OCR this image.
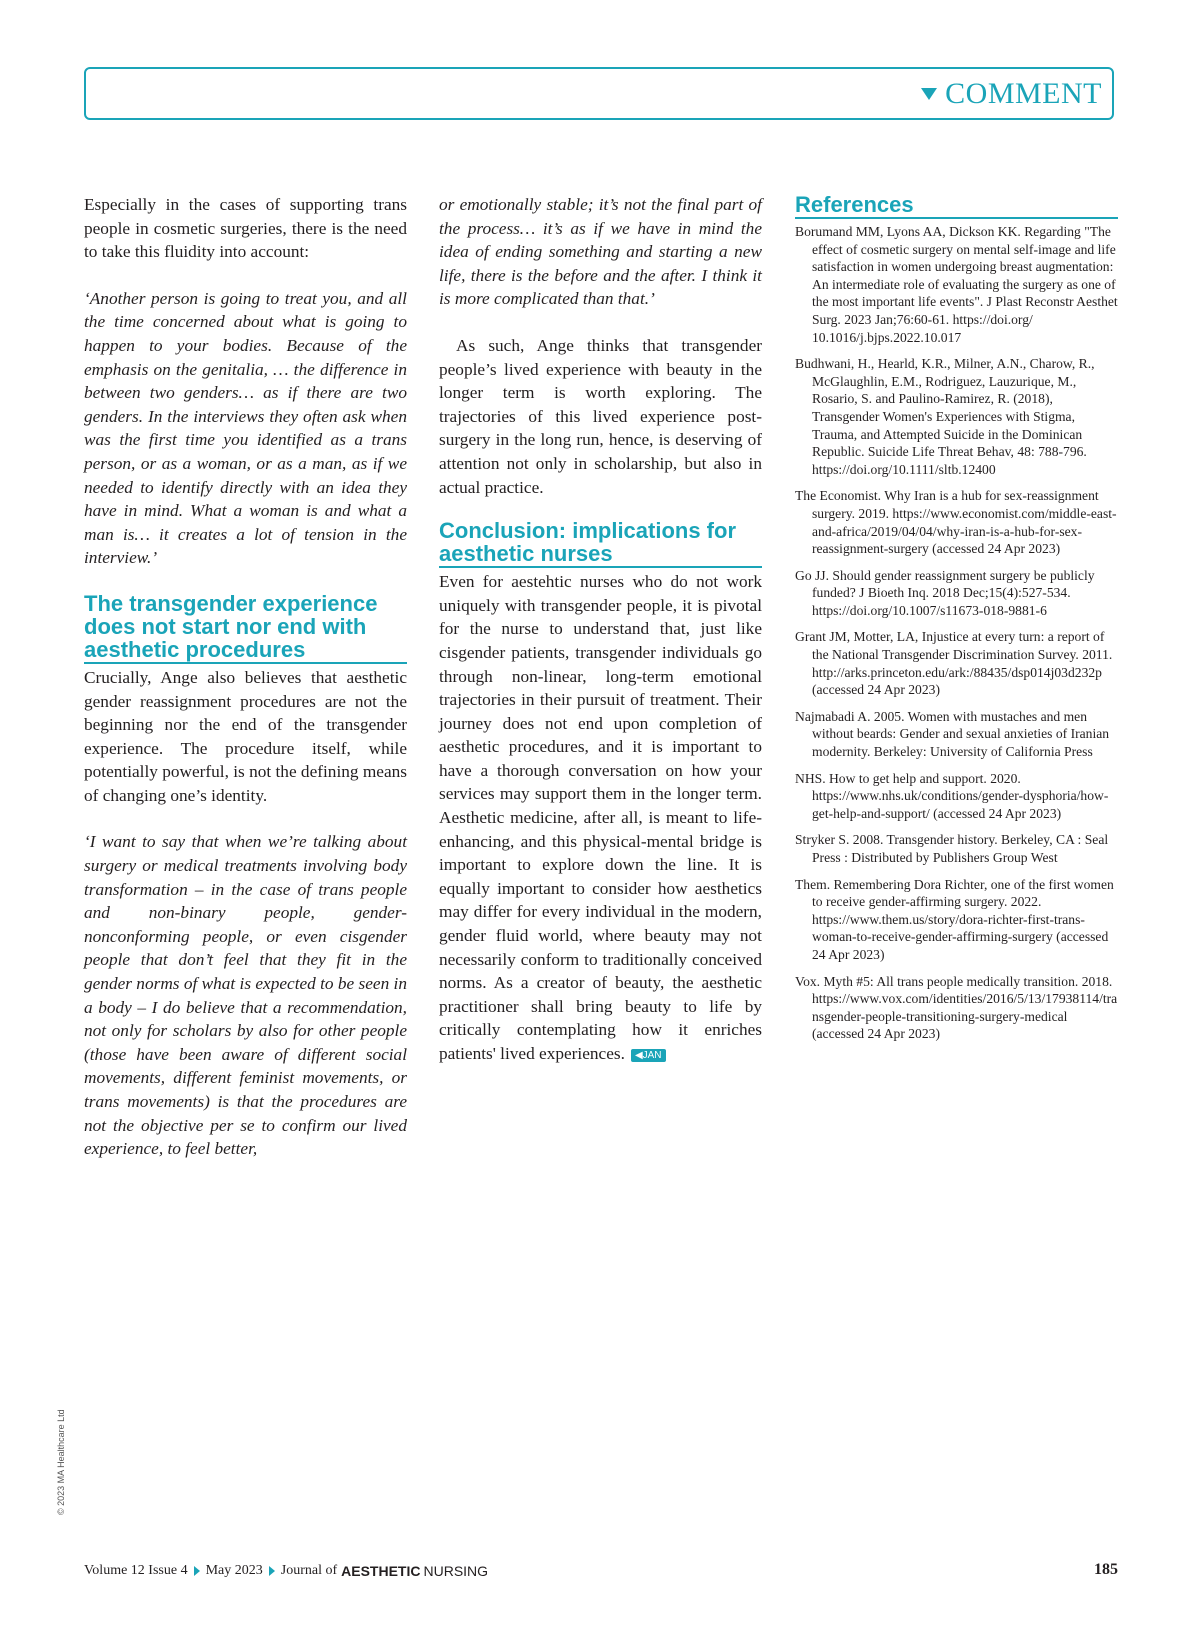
COMMENT

Especially in the cases of supporting trans people in cosmetic surgeries, there is the need to take this fluidity into account:

‘Another person is going to treat you, and all the time concerned about what is going to happen to your bodies. Because of the emphasis on the genitalia, … the difference in between two genders… as if there are two genders. In the interviews they often ask when was the first time you identified as a trans person, or as a woman, or as a man, as if we needed to identify directly with an idea they have in mind. What a woman is and what a man is… it creates a lot of tension in the interview.’

The transgender experience does not start nor end with aesthetic procedures

Crucially, Ange also believes that aesthetic gender reassignment procedures are not the beginning nor the end of the transgender experience. The procedure itself, while potentially powerful, is not the defining means of changing one’s identity.

‘I want to say that when we’re talking about surgery or medical treatments involving body transformation – in the case of trans people and non-binary people, gender-nonconforming people, or even cisgender people that don’t feel that they fit in the gender norms of what is expected to be seen in a body – I do believe that a recommendation, not only for scholars by also for other people (those have been aware of different social movements, different feminist movements, or trans movements) is that the procedures are not the objective per se to confirm our lived experience, to feel better,

or emotionally stable; it’s not the final part of the process… it’s as if we have in mind the idea of ending something and starting a new life, there is the before and the after. I think it is more complicated than that.’

As such, Ange thinks that transgender people’s lived experience with beauty in the longer term is worth exploring. The trajectories of this lived experience post-surgery in the long run, hence, is deserving of attention not only in scholarship, but also in actual practice.

Conclusion: implications for aesthetic nurses

Even for aestehtic nurses who do not work uniquely with transgender people, it is pivotal for the nurse to understand that, just like cisgender patients, transgender individuals go through non-linear, long-term emotional trajectories in their pursuit of treatment. Their journey does not end upon completion of aesthetic procedures, and it is important to have a thorough conversation on how your services may support them in the longer term. Aesthetic medicine, after all, is meant to life-enhancing, and this physical-mental bridge is important to explore down the line. It is equally important to consider how aesthetics may differ for every individual in the modern, gender fluid world, where beauty may not necessarily conform to traditionally conceived norms. As a creator of beauty, the aesthetic practitioner shall bring beauty to life by critically contemplating how it enriches patients' lived experiences. ◀JAN

References
Borumand MM, Lyons AA, Dickson KK. Regarding "The effect of cosmetic surgery on mental self-image and life satisfaction in women undergoing breast augmentation: An intermediate role of evaluating the surgery as one of the most important life events". J Plast Reconstr Aesthet Surg. 2023 Jan;76:60-61. https://doi.org/ 10.1016/j.bjps.2022.10.017
Budhwani, H., Hearld, K.R., Milner, A.N., Charow, R., McGlaughlin, E.M., Rodriguez, Lauzurique, M., Rosario, S. and Paulino-Ramirez, R. (2018), Transgender Women's Experiences with Stigma, Trauma, and Attempted Suicide in the Dominican Republic. Suicide Life Threat Behav, 48: 788-796. https://doi.org/10.1111/sltb.12400
The Economist. Why Iran is a hub for sex-reassignment surgery. 2019. https://www.economist.com/middle-east-and-africa/2019/04/04/why-iran-is-a-hub-for-sex-reassignment-surgery (accessed 24 Apr 2023)
Go JJ. Should gender reassignment surgery be publicly funded? J Bioeth Inq. 2018 Dec;15(4):527-534. https://doi.org/10.1007/s11673-018-9881-6
Grant JM, Motter, LA, Injustice at every turn: a report of the National Transgender Discrimination Survey. 2011. http://arks.princeton.edu/ark:/88435/dsp014j03d232p (accessed 24 Apr 2023)
Najmabadi A. 2005. Women with mustaches and men without beards: Gender and sexual anxieties of Iranian modernity. Berkeley: University of California Press
NHS. How to get help and support. 2020. https://www.nhs.uk/conditions/gender-dysphoria/how-get-help-and-support/ (accessed 24 Apr 2023)
Stryker S. 2008. Transgender history. Berkeley, CA : Seal Press : Distributed by Publishers Group West
Them. Remembering Dora Richter, one of the first women to receive gender-affirming surgery. 2022. https://www.them.us/story/dora-richter-first-trans-woman-to-receive-gender-affirming-surgery (accessed 24 Apr 2023)
Vox. Myth #5: All trans people medically transition. 2018. https://www.vox.com/identities/2016/5/13/17938114/transgender-people-transitioning-surgery-medical (accessed 24 Apr 2023)
© 2023 MA Healthcare Ltd
Volume 12 Issue 4 May 2023 Journal of AESTHETIC NURSING	185
